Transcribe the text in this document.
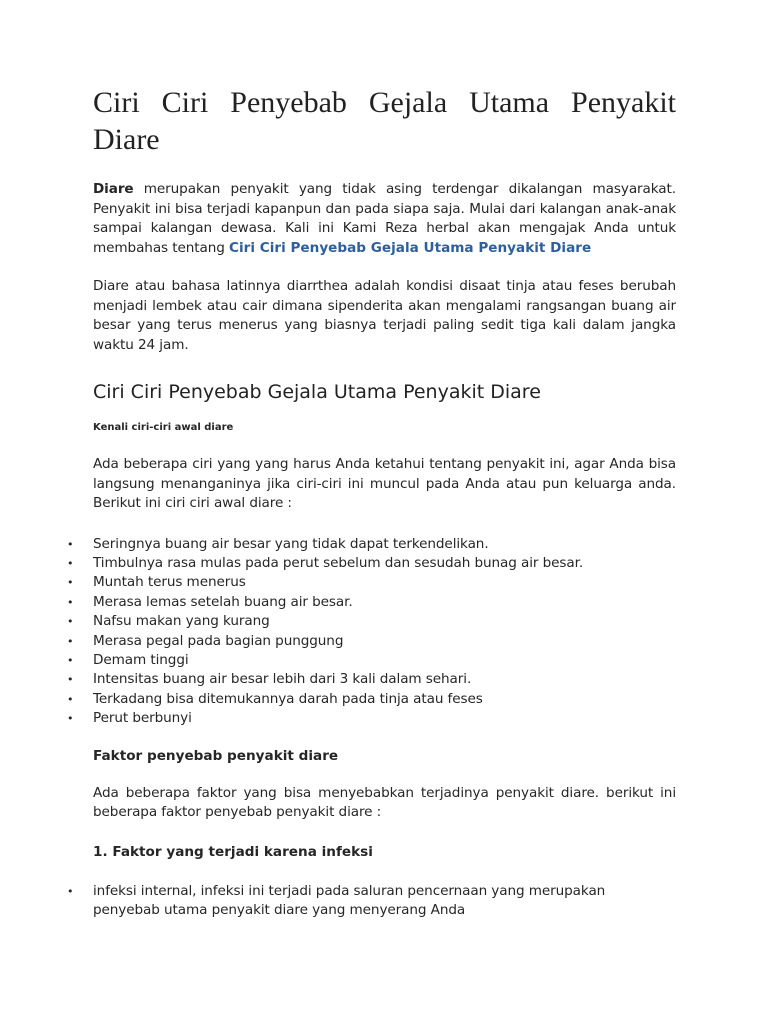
Ciri Ciri Penyebab Gejala Utama Penyakit Diare

Diare merupakan penyakit yang tidak asing terdengar dikalangan masyarakat. Penyakit ini bisa terjadi kapanpun dan pada siapa saja. Mulai dari kalangan anak-anak sampai kalangan dewasa. Kali ini Kami Reza herbal akan mengajak Anda untuk membahas tentang Ciri Ciri Penyebab Gejala Utama Penyakit Diare

Diare atau bahasa latinnya diarrthea adalah kondisi disaat tinja atau feses berubah menjadi lembek atau cair dimana sipenderita akan mengalami rangsangan buang air besar yang terus menerus yang biasnya terjadi paling sedit tiga kali dalam jangka waktu 24 jam.

Ciri Ciri Penyebab Gejala Utama Penyakit Diare
Kenali ciri-ciri awal diare

Ada beberapa ciri yang yang harus Anda ketahui tentang penyakit ini, agar Anda bisa langsung menanganinya jika ciri-ciri ini muncul pada Anda atau pun keluarga anda. Berikut ini ciri ciri awal diare :

• Seringnya buang air besar yang tidak dapat terkendelikan.
• Timbulnya rasa mulas pada perut sebelum dan sesudah bunag air besar.
• Muntah terus menerus
• Merasa lemas setelah buang air besar.
• Nafsu makan yang kurang
• Merasa pegal pada bagian punggung
• Demam tinggi
• Intensitas buang air besar lebih dari 3 kali dalam sehari.
• Terkadang bisa ditemukannya darah pada tinja atau feses
• Perut berbunyi
Faktor penyebab penyakit diare

Ada beberapa faktor yang bisa menyebabkan terjadinya penyakit diare. berikut ini beberapa faktor penyebab penyakit diare :

1. Faktor yang terjadi karena infeksi
• infeksi internal, infeksi ini terjadi pada saluran pencernaan yang merupakan penyebab utama penyakit diare yang menyerang Anda
